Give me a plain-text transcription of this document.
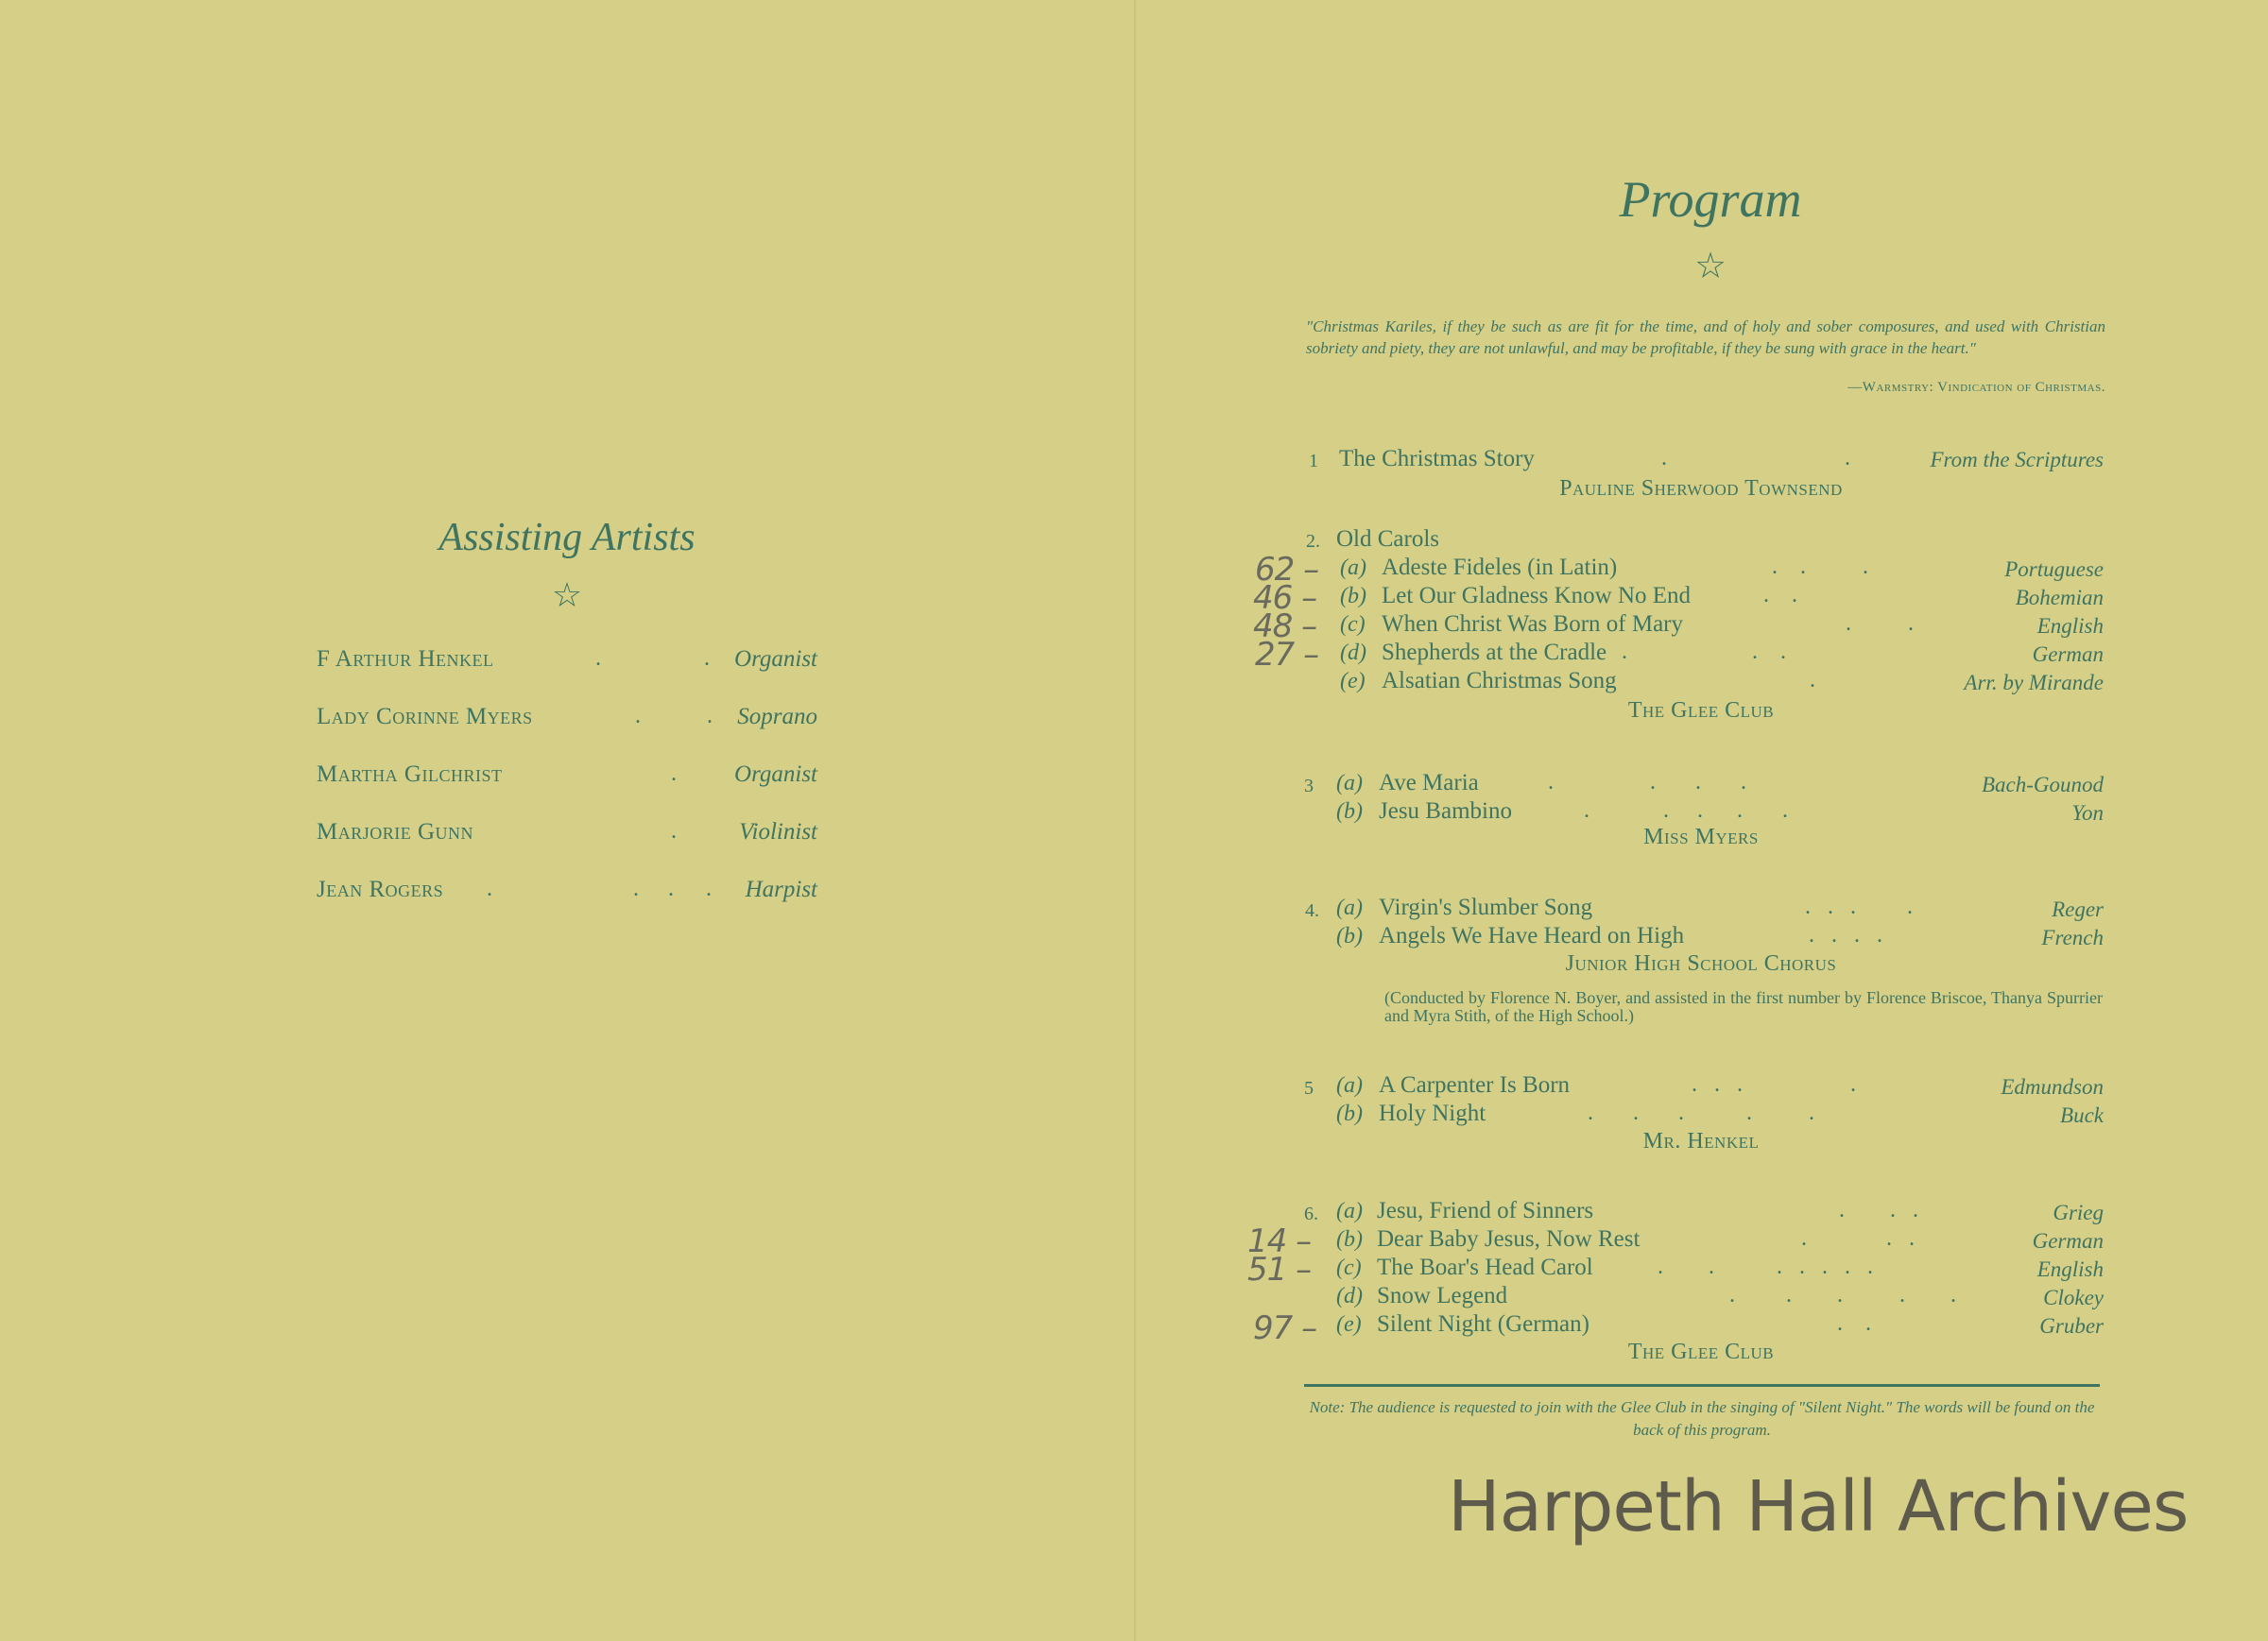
Assisting Artists
☆
F Arthur Henkel	.	. Organist
Lady Corinne Myers	.	. Soprano
Martha Gilchrist	. Organist
Marjorie Gunn	.	Violinist
Jean Rogers .	. . . Harpist
Program
☆
"Christmas Kariles, if they be such as are fit for the time, and of holy and sober composures, and used with Christian sobriety and piety, they are not unlawful, and may be profitable, if they be sung with grace in the heart."
—Warmstry: Vindication of Christmas.
1 The Christmas Story	.	.	From the Scriptures
Pauline Sherwood Townsend
2. Old Carols
62 – (a) Adeste Fideles (in Latin)	.    .          .	Portuguese
46 – (b) Let Our Gladness Know No End	.    .	Bohemian
48 – (c) When Christ Was Born of Mary	.          .	English
27 – (d) Shepherds at the Cradle .                      .    .	German
(e) Alsatian Christmas Song	.	Arr. by Mirande
The Glee Club
3 (a) Ave Maria	.                 .       .       .	Bach-Gounod
(b) Jesu Bambino	.             .     .      .       .	Yon
Miss Myers
4. (a) Virgin's Slumber Song	.   .   .         .	Reger
(b) Angels We Have Heard on High	.   .   .   .	French
Junior High School Chorus
(Conducted by Florence N. Boyer, and assisted in the first number by Florence Briscoe, Thanya Spurrier and Myra Stith, of the High School.)
5 (a) A Carpenter Is Born	.   .   .                   .	Edmundson
(b) Holy Night	.       .       .           .          .	Buck
Mr. Henkel
6. (a) Jesu, Friend of Sinners	.        .   .	Grieg
14 – (b) Dear Baby Jesus, Now Rest	.              .   .	German
51 – (c) The Boar's Head Carol	.        .           .   .   .   .   .	English
(d) Snow Legend	.         .        .          .        .	Clokey
97 – (e) Silent Night (German)	.    .	Gruber
The Glee Club
Note: The audience is requested to join with the Glee Club in the singing of "Silent Night." The words will be found on the back of this program.
Harpeth Hall Archives
